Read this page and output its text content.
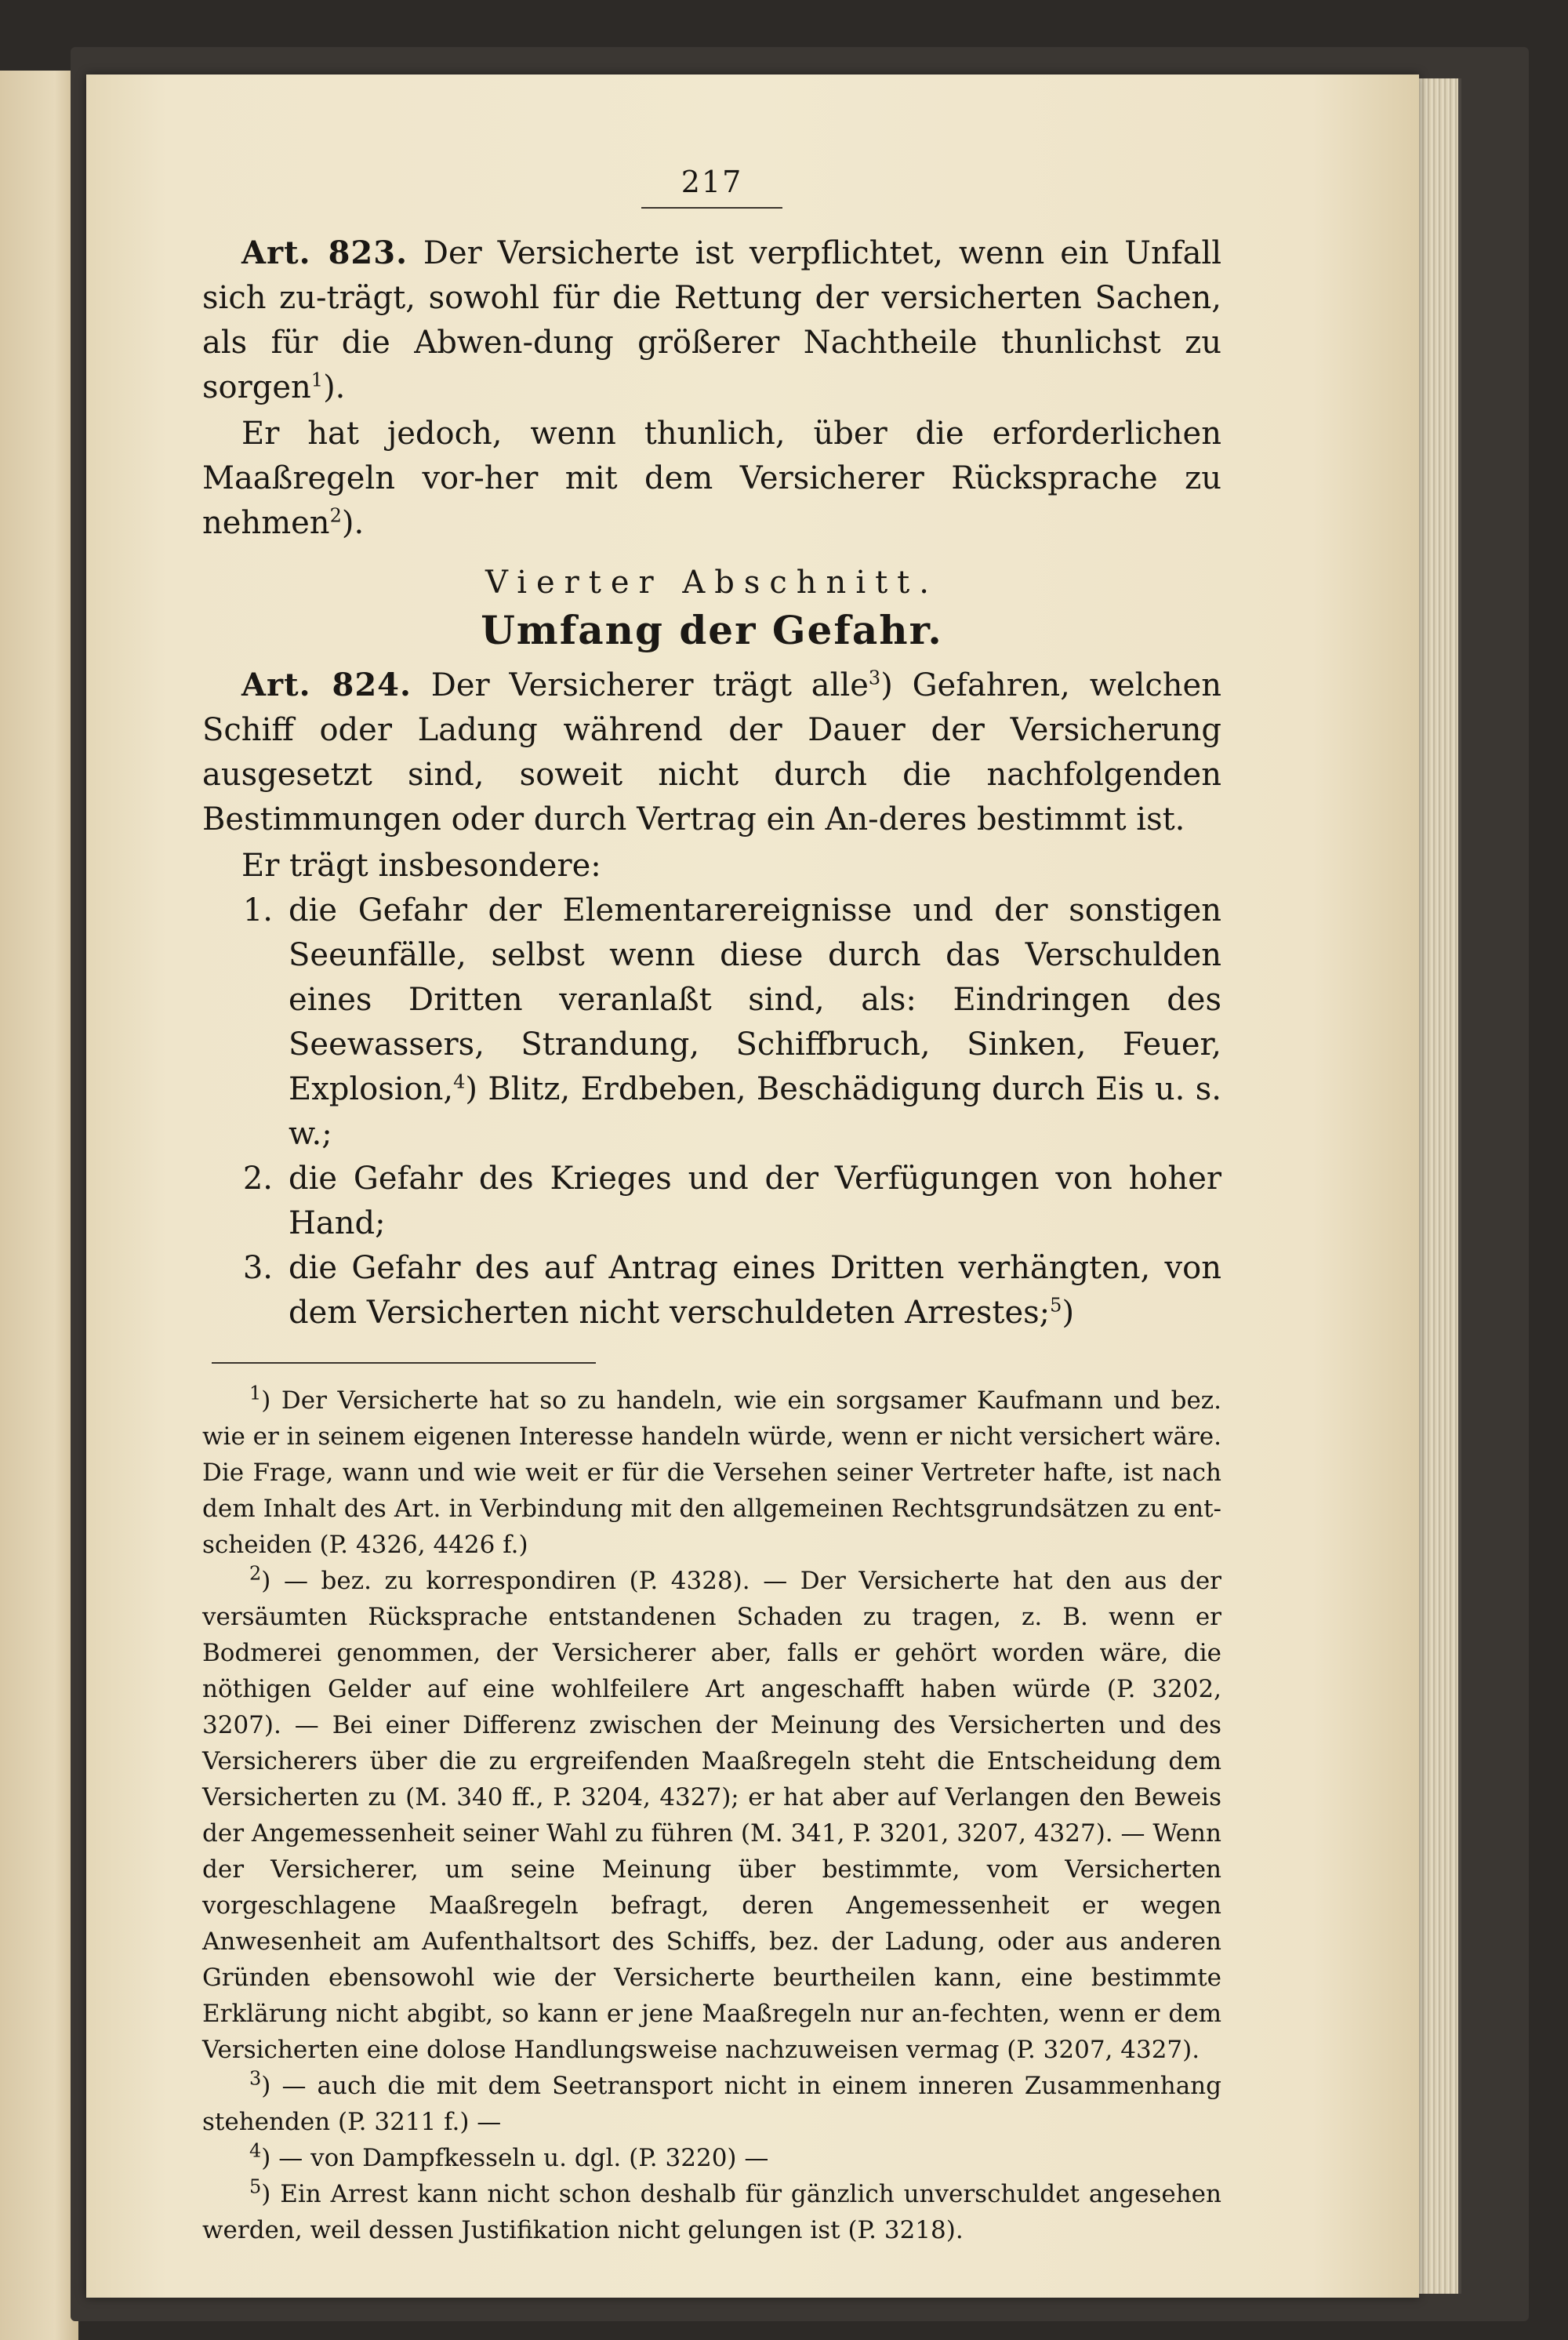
217

Art. 823. Der Versicherte ist verpflichtet, wenn ein Unfall sich zu-trägt, sowohl für die Rettung der versicherten Sachen, als für die Abwen-dung größerer Nachtheile thunlichst zu sorgen$^1$).

Er hat jedoch, wenn thunlich, über die erforderlichen Maaßregeln vor-her mit dem Versicherer Rücksprache zu nehmen$^2$).

Vierter Abschnitt.
Umfang der Gefahr.

Art. 824. Der Versicherer trägt alle$^3$) Gefahren, welchen Schiff oder Ladung während der Dauer der Versicherung ausgesetzt sind, soweit nicht durch die nachfolgenden Bestimmungen oder durch Vertrag ein An-deres bestimmt ist.

Er trägt insbesondere:

1. die Gefahr der Elementarereignisse und der sonstigen Seeunfälle, selbst wenn diese durch das Verschulden eines Dritten veranlaßt sind, als: Eindringen des Seewassers, Strandung, Schiffbruch, Sinken, Feuer, Explosion,$^4$) Blitz, Erdbeben, Beschädigung durch Eis u. s. w.;
2. die Gefahr des Krieges und der Verfügungen von hoher Hand;
3. die Gefahr des auf Antrag eines Dritten verhängten, von dem Versicherten nicht verschuldeten Arrestes;$^5$)

$^1$) Der Versicherte hat so zu handeln, wie ein sorgsamer Kaufmann und bez. wie er in seinem eigenen Interesse handeln würde, wenn er nicht versichert wäre. Die Frage, wann und wie weit er für die Versehen seiner Vertreter hafte, ist nach dem Inhalt des Art. in Verbindung mit den allgemeinen Rechtsgrundsätzen zu ent-scheiden (P. 4326, 4426 f.)

$^2$) — bez. zu korrespondiren (P. 4328). — Der Versicherte hat den aus der versäumten Rücksprache entstandenen Schaden zu tragen, z. B. wenn er Bodmerei genommen, der Versicherer aber, falls er gehört worden wäre, die nöthigen Gelder auf eine wohlfeilere Art angeschafft haben würde (P. 3202, 3207). — Bei einer Differenz zwischen der Meinung des Versicherten und des Versicherers über die zu ergreifenden Maaßregeln steht die Entscheidung dem Versicherten zu (M. 340 ff., P. 3204, 4327); er hat aber auf Verlangen den Beweis der Angemessenheit seiner Wahl zu führen (M. 341, P. 3201, 3207, 4327). — Wenn der Versicherer, um seine Meinung über bestimmte, vom Versicherten vorgeschlagene Maaßregeln befragt, deren Angemessenheit er wegen Anwesenheit am Aufenthaltsort des Schiffs, bez. der Ladung, oder aus anderen Gründen ebensowohl wie der Versicherte beurtheilen kann, eine bestimmte Erklärung nicht abgibt, so kann er jene Maaßregeln nur an-fechten, wenn er dem Versicherten eine dolose Handlungsweise nachzuweisen vermag (P. 3207, 4327).

$^3$) — auch die mit dem Seetransport nicht in einem inneren Zusammenhang stehenden (P. 3211 f.) —

$^4$) — von Dampfkesseln u. dgl. (P. 3220) —

$^5$) Ein Arrest kann nicht schon deshalb für gänzlich unverschuldet angesehen werden, weil dessen Justifikation nicht gelungen ist (P. 3218).
